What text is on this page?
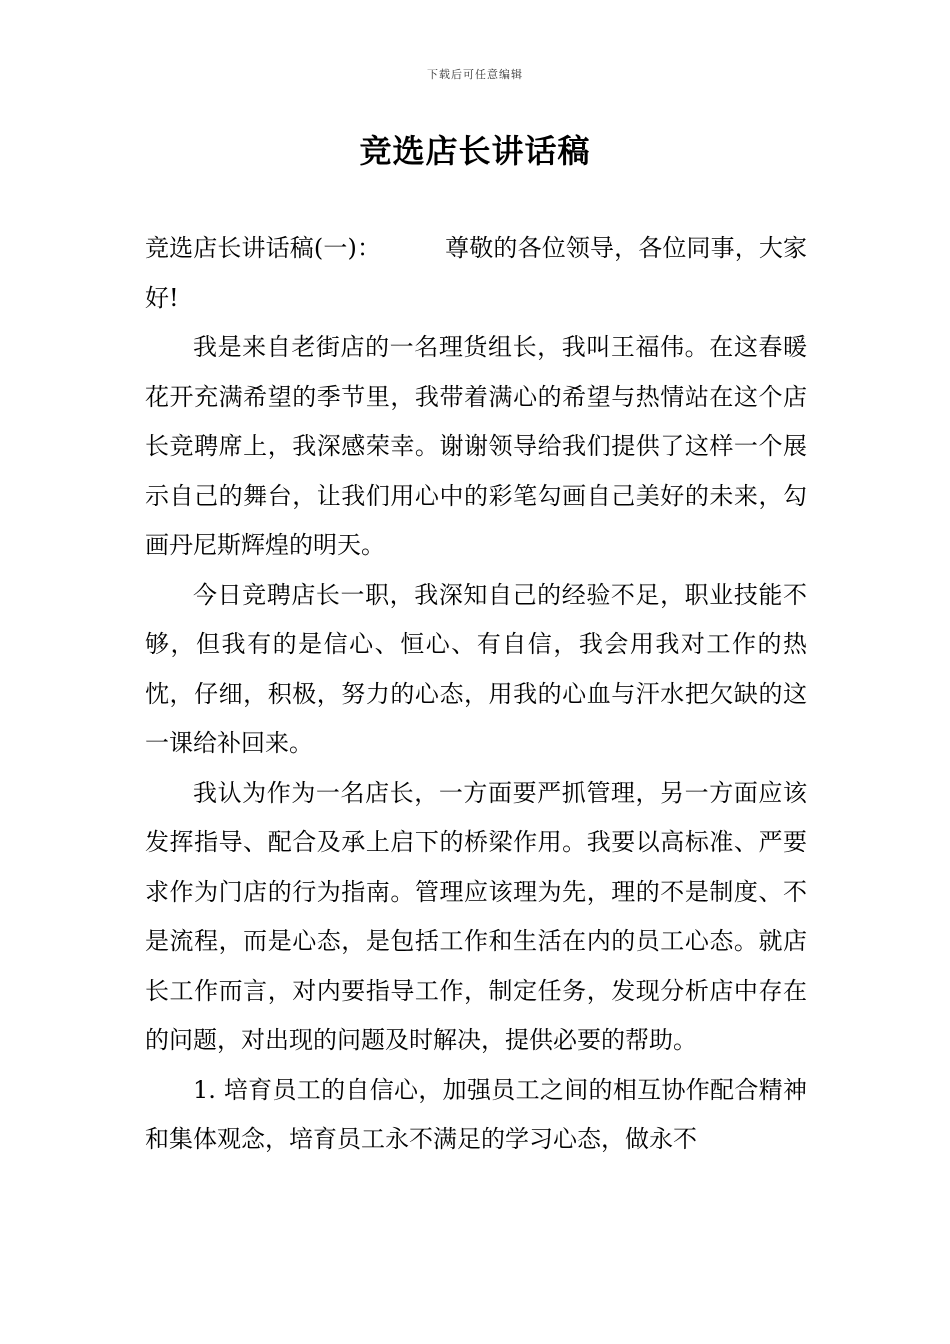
下载后可任意编辑
竞选店长讲话稿

竞选店长讲话稿(一)：	尊敬的各位领导，各位同事，大家好!

我是来自老街店的一名理货组长，我叫王福伟。在这春暖花开充满希望的季节里，我带着满心的希望与热情站在这个店长竞聘席上，我深感荣幸。谢谢领导给我们提供了这样一个展示自己的舞台，让我们用心中的彩笔勾画自己美好的未来，勾画丹尼斯辉煌的明天。

今日竞聘店长一职，我深知自己的经验不足，职业技能不够，但我有的是信心、恒心、有自信，我会用我对工作的热忱，仔细，积极，努力的心态，用我的心血与汗水把欠缺的这一课给补回来。

我认为作为一名店长，一方面要严抓管理，另一方面应该发挥指导、配合及承上启下的桥梁作用。我要以高标准、严要求作为门店的行为指南。管理应该理为先，理的不是制度、不是流程，而是心态，是包括工作和生活在内的员工心态。就店长工作而言，对内要指导工作，制定任务，发现分析店中存在的问题，对出现的问题及时解决，提供必要的帮助。

1. 培育员工的自信心，加强员工之间的相互协作配合精神和集体观念，培育员工永不满足的学习心态，做永不
